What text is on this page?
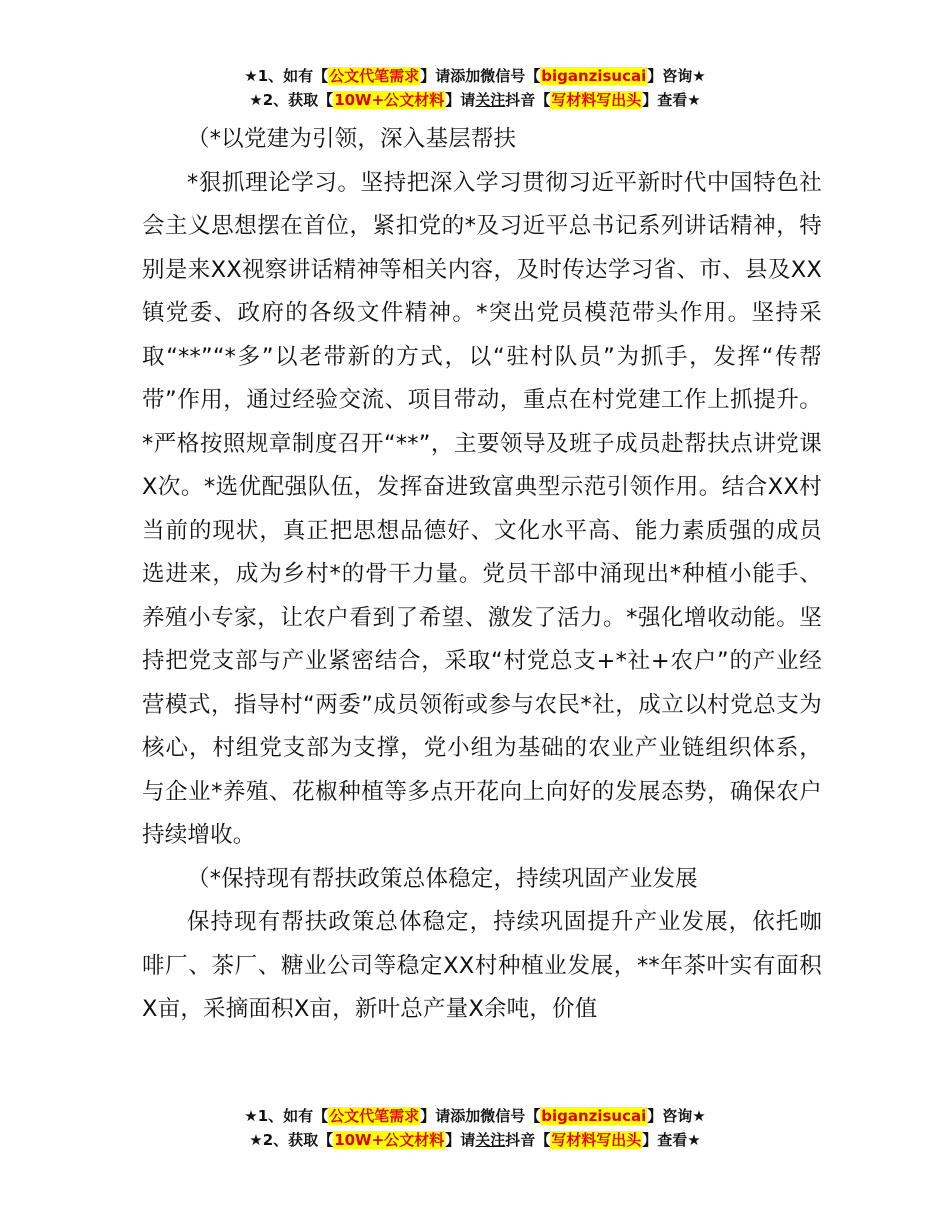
★1、如有【公文代笔需求】请添加微信号【biganzisucai】咨询★
★2、获取【10W+公文材料】请关注抖音【写材料写出头】查看★

（*以党建为引领，深入基层帮扶

*狠抓理论学习。坚持把深入学习贯彻习近平新时代中国特色社会主义思想摆在首位，紧扣党的*及习近平总书记系列讲话精神，特别是来XX视察讲话精神等相关内容，及时传达学习省、市、县及XX镇党委、政府的各级文件精神。*突出党员模范带头作用。坚持采取“**”“*多”以老带新的方式，以“驻村队员”为抓手，发挥“传帮带”作用，通过经验交流、项目带动，重点在村党建工作上抓提升。*严格按照规章制度召开“**”，主要领导及班子成员赴帮扶点讲党课X次。*选优配强队伍，发挥奋进致富典型示范引领作用。结合XX村当前的现状，真正把思想品德好、文化水平高、能力素质强的成员选进来，成为乡村*的骨干力量。党员干部中涌现出*种植小能手、养殖小专家，让农户看到了希望、激发了活力。*强化增收动能。坚持把党支部与产业紧密结合，采取“村党总支+*社+农户”的产业经营模式，指导村“两委”成员领衔或参与农民*社，成立以村党总支为核心，村组党支部为支撑，党小组为基础的农业产业链组织体系，与企业*养殖、花椒种植等多点开花向上向好的发展态势，确保农户持续增收。

（*保持现有帮扶政策总体稳定，持续巩固产业发展

保持现有帮扶政策总体稳定，持续巩固提升产业发展，依托咖啡厂、茶厂、糖业公司等稳定XX村种植业发展，**年茶叶实有面积X亩，采摘面积X亩，新叶总产量X余吨，价值

★1、如有【公文代笔需求】请添加微信号【biganzisucai】咨询★
★2、获取【10W+公文材料】请关注抖音【写材料写出头】查看★
